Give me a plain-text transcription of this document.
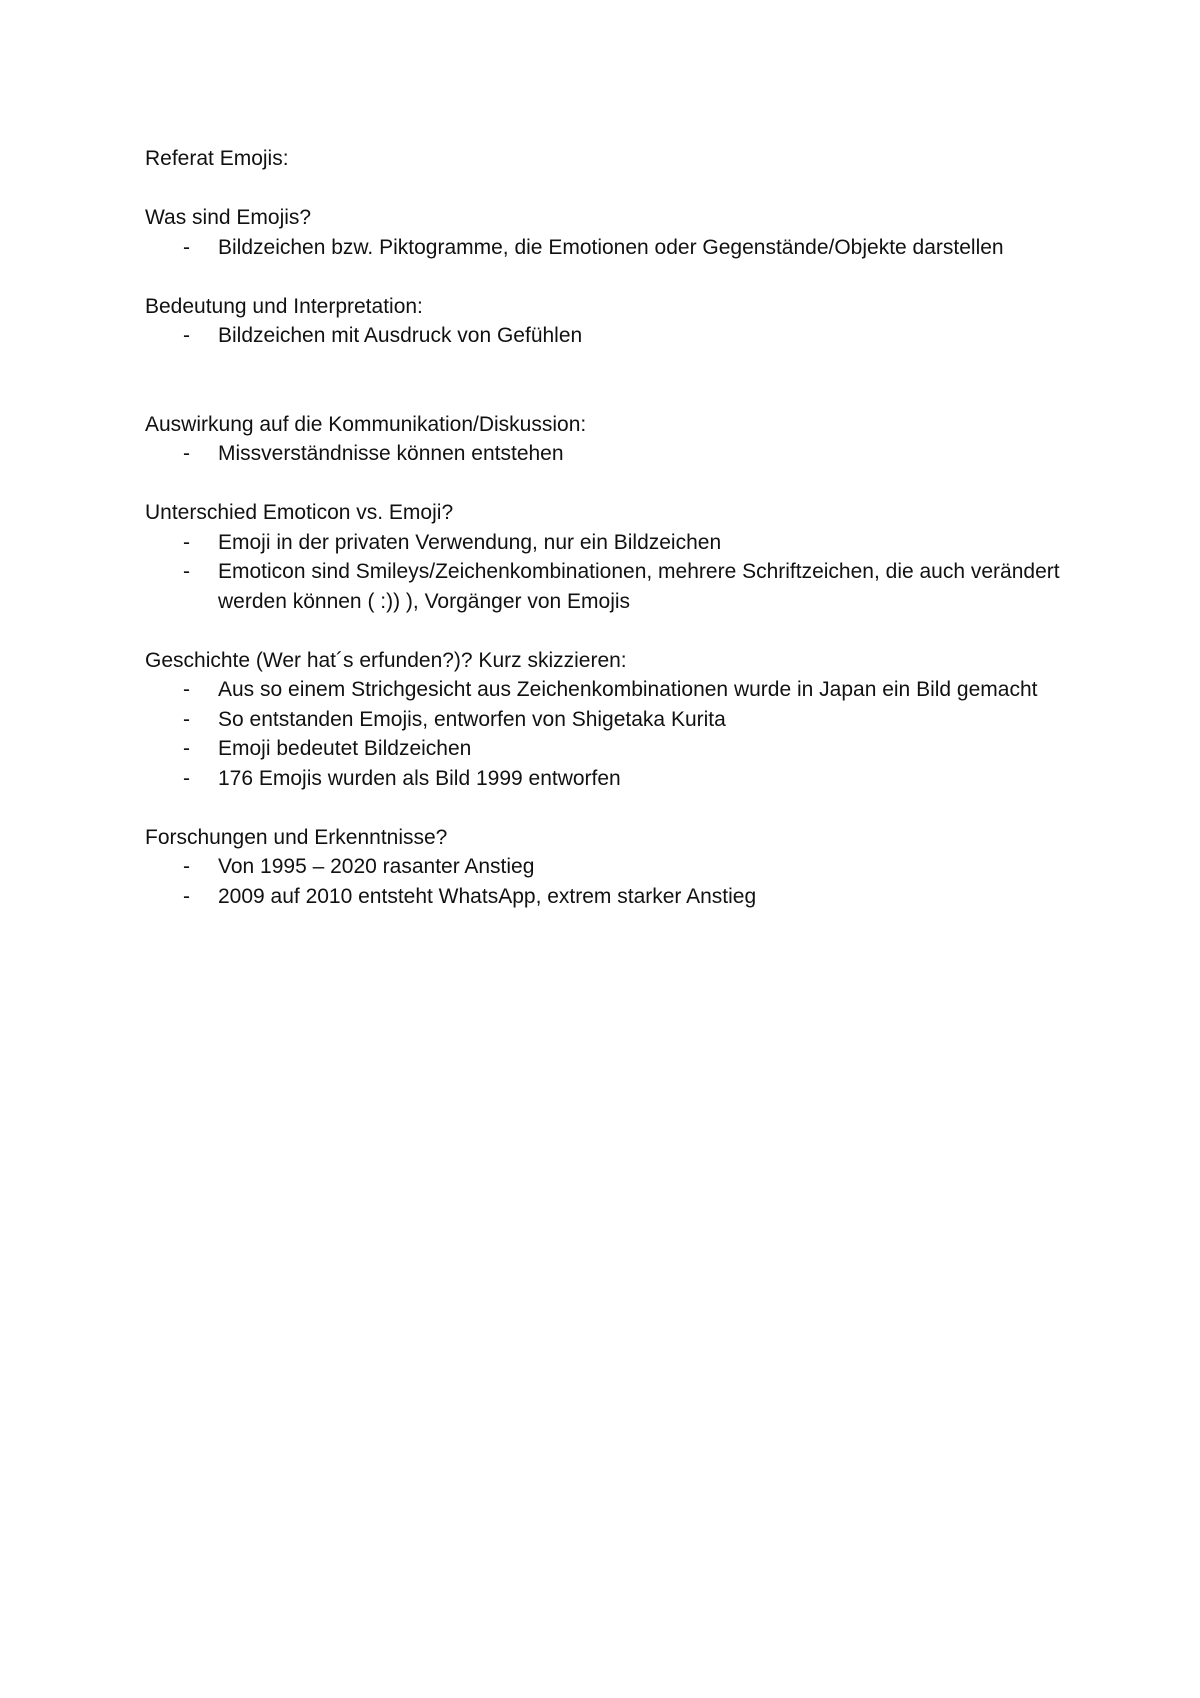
Referat Emojis:
Was sind Emojis?
- Bildzeichen bzw. Piktogramme, die Emotionen oder Gegenstände/Objekte darstellen
Bedeutung und Interpretation:
- Bildzeichen mit Ausdruck von Gefühlen
Auswirkung auf die Kommunikation/Diskussion:
- Missverständnisse können entstehen
Unterschied Emoticon vs. Emoji?
- Emoji in der privaten Verwendung, nur ein Bildzeichen
- Emoticon sind Smileys/Zeichenkombinationen, mehrere Schriftzeichen, die auch verändert werden können ( :)) ), Vorgänger von Emojis
Geschichte (Wer hat´s erfunden?)? Kurz skizzieren:
- Aus so einem Strichgesicht aus Zeichenkombinationen wurde in Japan ein Bild gemacht
- So entstanden Emojis, entworfen von Shigetaka Kurita
- Emoji bedeutet Bildzeichen
- 176 Emojis wurden als Bild 1999 entworfen
Forschungen und Erkenntnisse?
- Von 1995 – 2020 rasanter Anstieg
- 2009 auf 2010 entsteht WhatsApp, extrem starker Anstieg
